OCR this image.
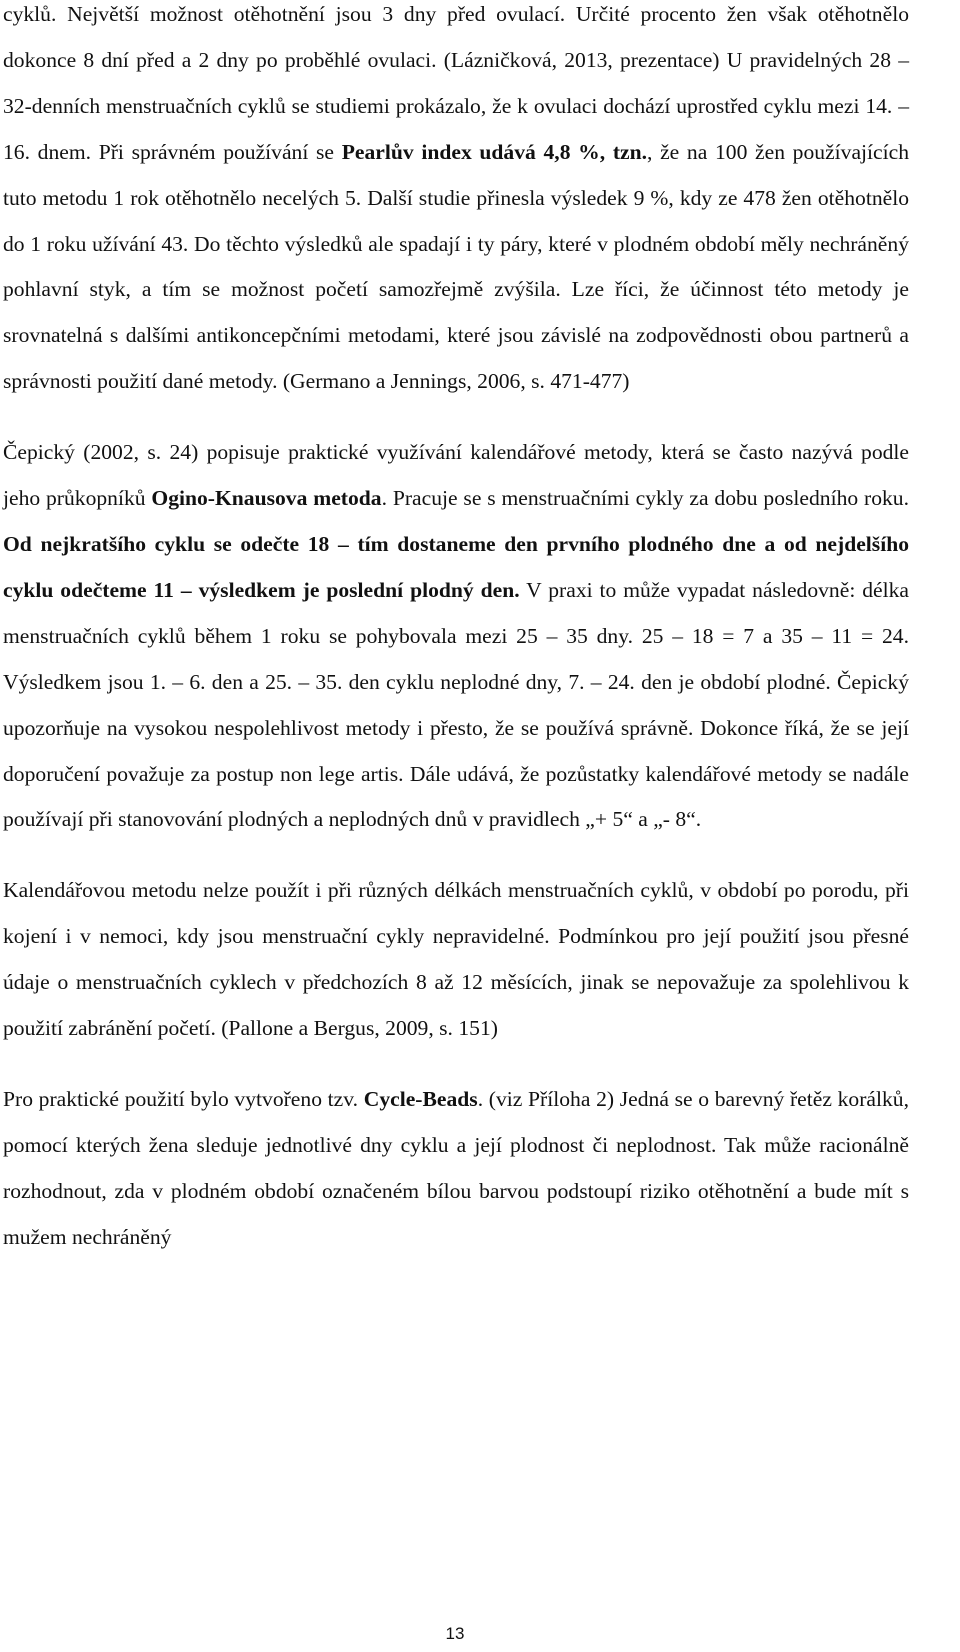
cyklů. Největší možnost otěhotnění jsou 3 dny před ovulací. Určité procento žen však otěhotnělo dokonce 8 dní před a 2 dny po proběhlé ovulaci. (Lázničková, 2013, prezentace) U pravidelných 28 – 32-denních menstruačních cyklů se studiemi prokázalo, že k ovulaci dochází uprostřed cyklu mezi 14. – 16. dnem. Při správném používání se Pearlův index udává 4,8 %, tzn., že na 100 žen používajících tuto metodu 1 rok otěhotnělo necelých 5. Další studie přinesla výsledek 9 %, kdy ze 478 žen otěhotnělo do 1 roku užívání 43. Do těchto výsledků ale spadají i ty páry, které v plodném období měly nechráněný pohlavní styk, a tím se možnost početí samozřejmě zvýšila. Lze říci, že účinnost této metody je srovnatelná s dalšími antikoncepčními metodami, které jsou závislé na zodpovědnosti obou partnerů a správnosti použití dané metody. (Germano a Jennings, 2006, s. 471-477)

Čepický (2002, s. 24) popisuje praktické využívání kalendářové metody, která se často nazývá podle jeho průkopníků Ogino-Knausova metoda. Pracuje se s menstruačními cykly za dobu posledního roku. Od nejkratšího cyklu se odečte 18 – tím dostaneme den prvního plodného dne a od nejdelšího cyklu odečteme 11 – výsledkem je poslední plodný den. V praxi to může vypadat následovně: délka menstruačních cyklů během 1 roku se pohybovala mezi 25 – 35 dny. 25 – 18 = 7 a 35 – 11 = 24. Výsledkem jsou 1. – 6. den a 25. – 35. den cyklu neplodné dny, 7. – 24. den je období plodné. Čepický upozorňuje na vysokou nespolehlivost metody i přesto, že se používá správně. Dokonce říká, že se její doporučení považuje za postup non lege artis. Dále udává, že pozůstatky kalendářové metody se nadále používají při stanovování plodných a neplodných dnů v pravidlech „+ 5“ a „- 8“.

Kalendářovou metodu nelze použít i při různých délkách menstruačních cyklů, v období po porodu, při kojení i v nemoci, kdy jsou menstruační cykly nepravidelné. Podmínkou pro její použití jsou přesné údaje o menstruačních cyklech v předchozích 8 až 12 měsících, jinak se nepovažuje za spolehlivou k použití zabránění početí. (Pallone a Bergus, 2009, s. 151)

Pro praktické použití bylo vytvořeno tzv. Cycle-Beads. (viz Příloha 2) Jedná se o barevný řetěz korálků, pomocí kterých žena sleduje jednotlivé dny cyklu a její plodnost či neplodnost. Tak může racionálně rozhodnout, zda v plodném období označeném bílou barvou podstoupí riziko otěhotnění a bude mít s mužem nechráněný

13
